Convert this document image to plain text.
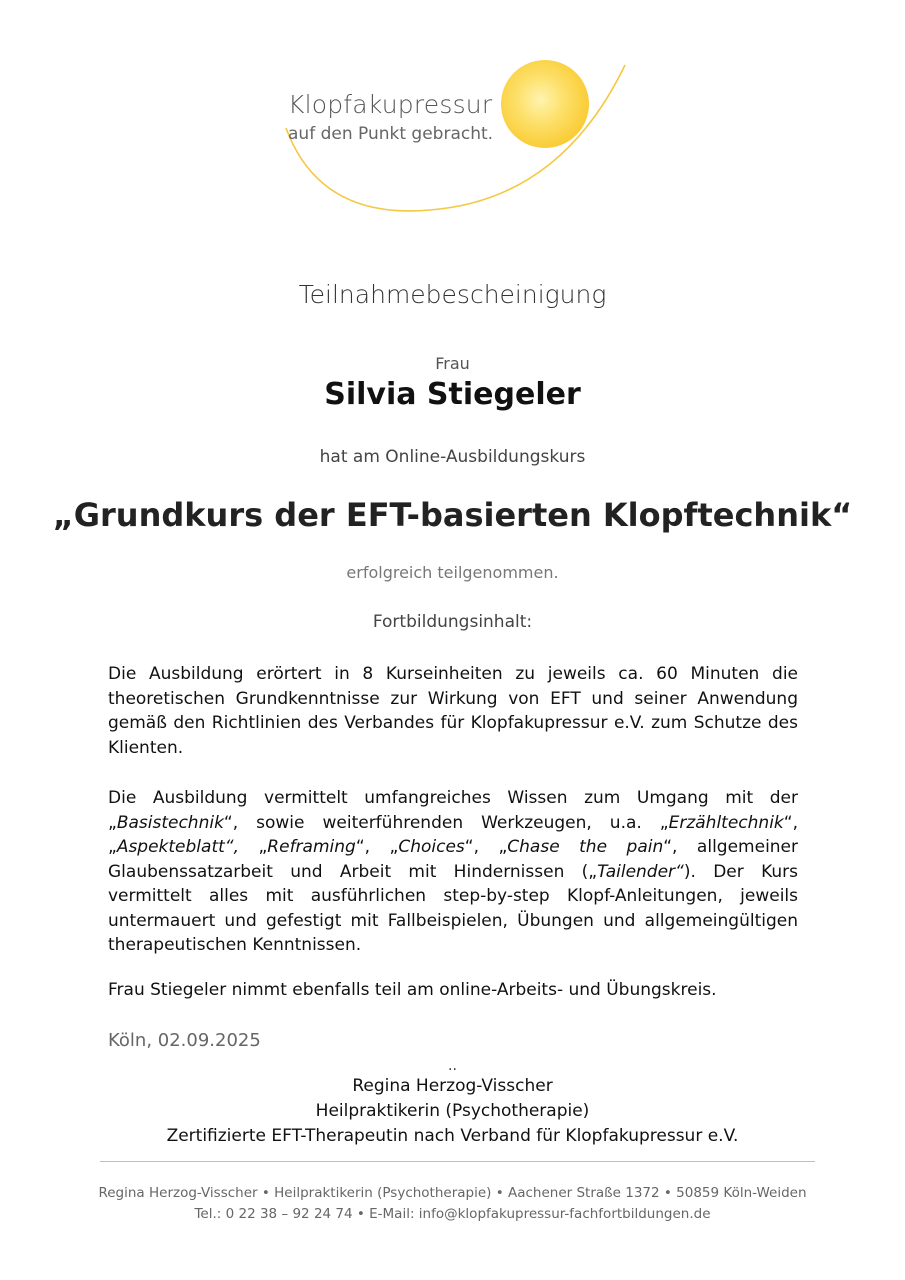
Klopfakupressur
auf den Punkt gebracht.
Teilnahmebescheinigung
Frau
Silvia Stiegeler
hat am Online-Ausbildungskurs
„Grundkurs der EFT-basierten Klopftechnik“
erfolgreich teilgenommen.
Fortbildungsinhalt:
Die Ausbildung erörtert in 8 Kurseinheiten zu jeweils ca. 60 Minuten die theoretischen Grundkenntnisse zur Wirkung von EFT und seiner Anwendung gemäß den Richtlinien des Verbandes für Klopfakupressur e.V. zum Schutze des Klienten.
Die Ausbildung vermittelt umfangreiches Wissen zum Umgang mit der „Basistechnik“, sowie weiterführenden Werkzeugen, u.a. „Erzähltechnik“, „Aspekteblatt“, „Reframing“, „Choices“, „Chase the pain“, allgemeiner Glaubenssatzarbeit und Arbeit mit Hindernissen („Tailender“). Der Kurs vermittelt alles mit ausführlichen step-by-step Klopf-Anleitungen, jeweils untermauert und gefestigt mit Fallbeispielen, Übungen und allgemeingültigen therapeutischen Kenntnissen.
Frau Stiegeler nimmt ebenfalls teil am online-Arbeits- und Übungskreis.
Köln, 02.09.2025
..
Regina Herzog-Visscher
Heilpraktikerin (Psychotherapie)
Zertifizierte EFT-Therapeutin nach Verband für Klopfakupressur e.V.
Regina Herzog-Visscher • Heilpraktikerin (Psychotherapie) • Aachener Straße 1372 • 50859 Köln-Weiden
Tel.: 0 22 38 – 92 24 74 • E-Mail: info@klopfakupressur-fachfortbildungen.de
